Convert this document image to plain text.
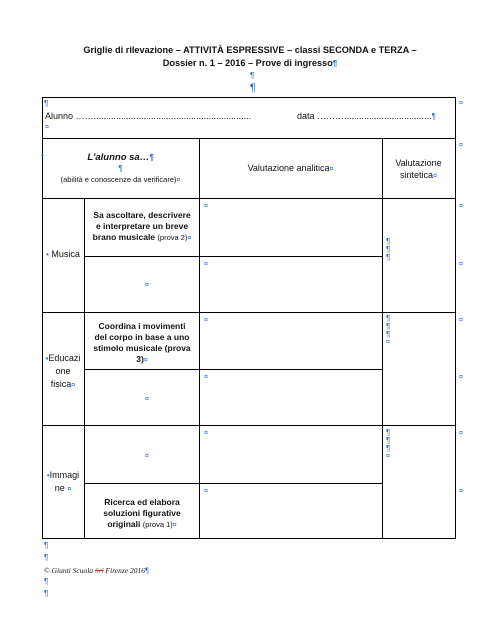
Griglie di rilevazione – ATTIVITÀ ESPRESSIVE – classi SECONDA e TERZA –
Dossier n. 1 – 2016 – Prove di ingresso¶
¶
¶
¶
Alunno ……...............................................................	data ………...................................¶
¤
L'alunno sa…¶
¶
(abilità e conoscenze da verificare)¤
•
Valutazione analitica¤
Valutazione
sintetica¤
• Musica
Sa ascoltare, descrivere
e interpretare un breve
brano musicale (prova 2)¤
¤
•Educazi
one
fisica¤
Coordina i movimenti
del corpo in base a uno
stimolo musicale (prova
3)¤
¤
•Immagi
ne ¤
¤
Ricerca ed elabora
soluzioni figurative
originali (prova 1)¤
¤
¤
¤
¤
¤
¤
¶
¶
¶
¶
¶
¶
¤
¶
¶
¶
¤
¤
¤
¤
¤
¤
¤
¤
¤
¶
¶
© Giunti Scuola Srl Firenze 2016¶
¶
¶
